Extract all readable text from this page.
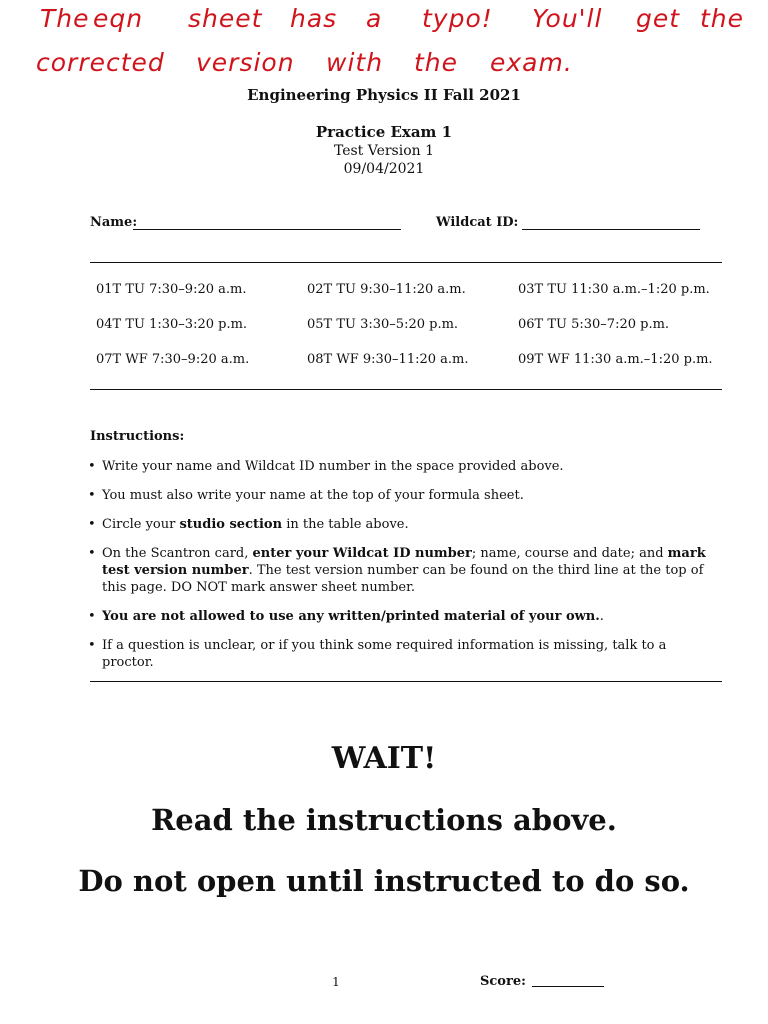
The eqn sheet has a typo! You'll get the
corrected version with the exam.
Engineering Physics II Fall 2021
Practice Exam 1
Test Version 1
09/04/2021
Name:	Wildcat ID:
01T TU 7:30–9:20 a.m.	02T TU 9:30–11:20 a.m.	03T TU 11:30 a.m.–1:20 p.m.
04T TU 1:30–3:20 p.m.	05T TU 3:30–5:20 p.m.	06T TU 5:30–7:20 p.m.
07T WF 7:30–9:20 a.m.	08T WF 9:30–11:20 a.m.	09T WF 11:30 a.m.–1:20 p.m.
Instructions:
• Write your name and Wildcat ID number in the space provided above.
• You must also write your name at the top of your formula sheet.
• Circle your studio section in the table above.
• On the Scantron card, enter your Wildcat ID number; name, course and date; and mark test version number. The test version number can be found on the third line at the top of this page. DO NOT mark answer sheet number.
• You are not allowed to use any written/printed material of your own..
• If a question is unclear, or if you think some required information is missing, talk to a proctor.
WAIT!
Read the instructions above.
Do not open until instructed to do so.
1	Score:
